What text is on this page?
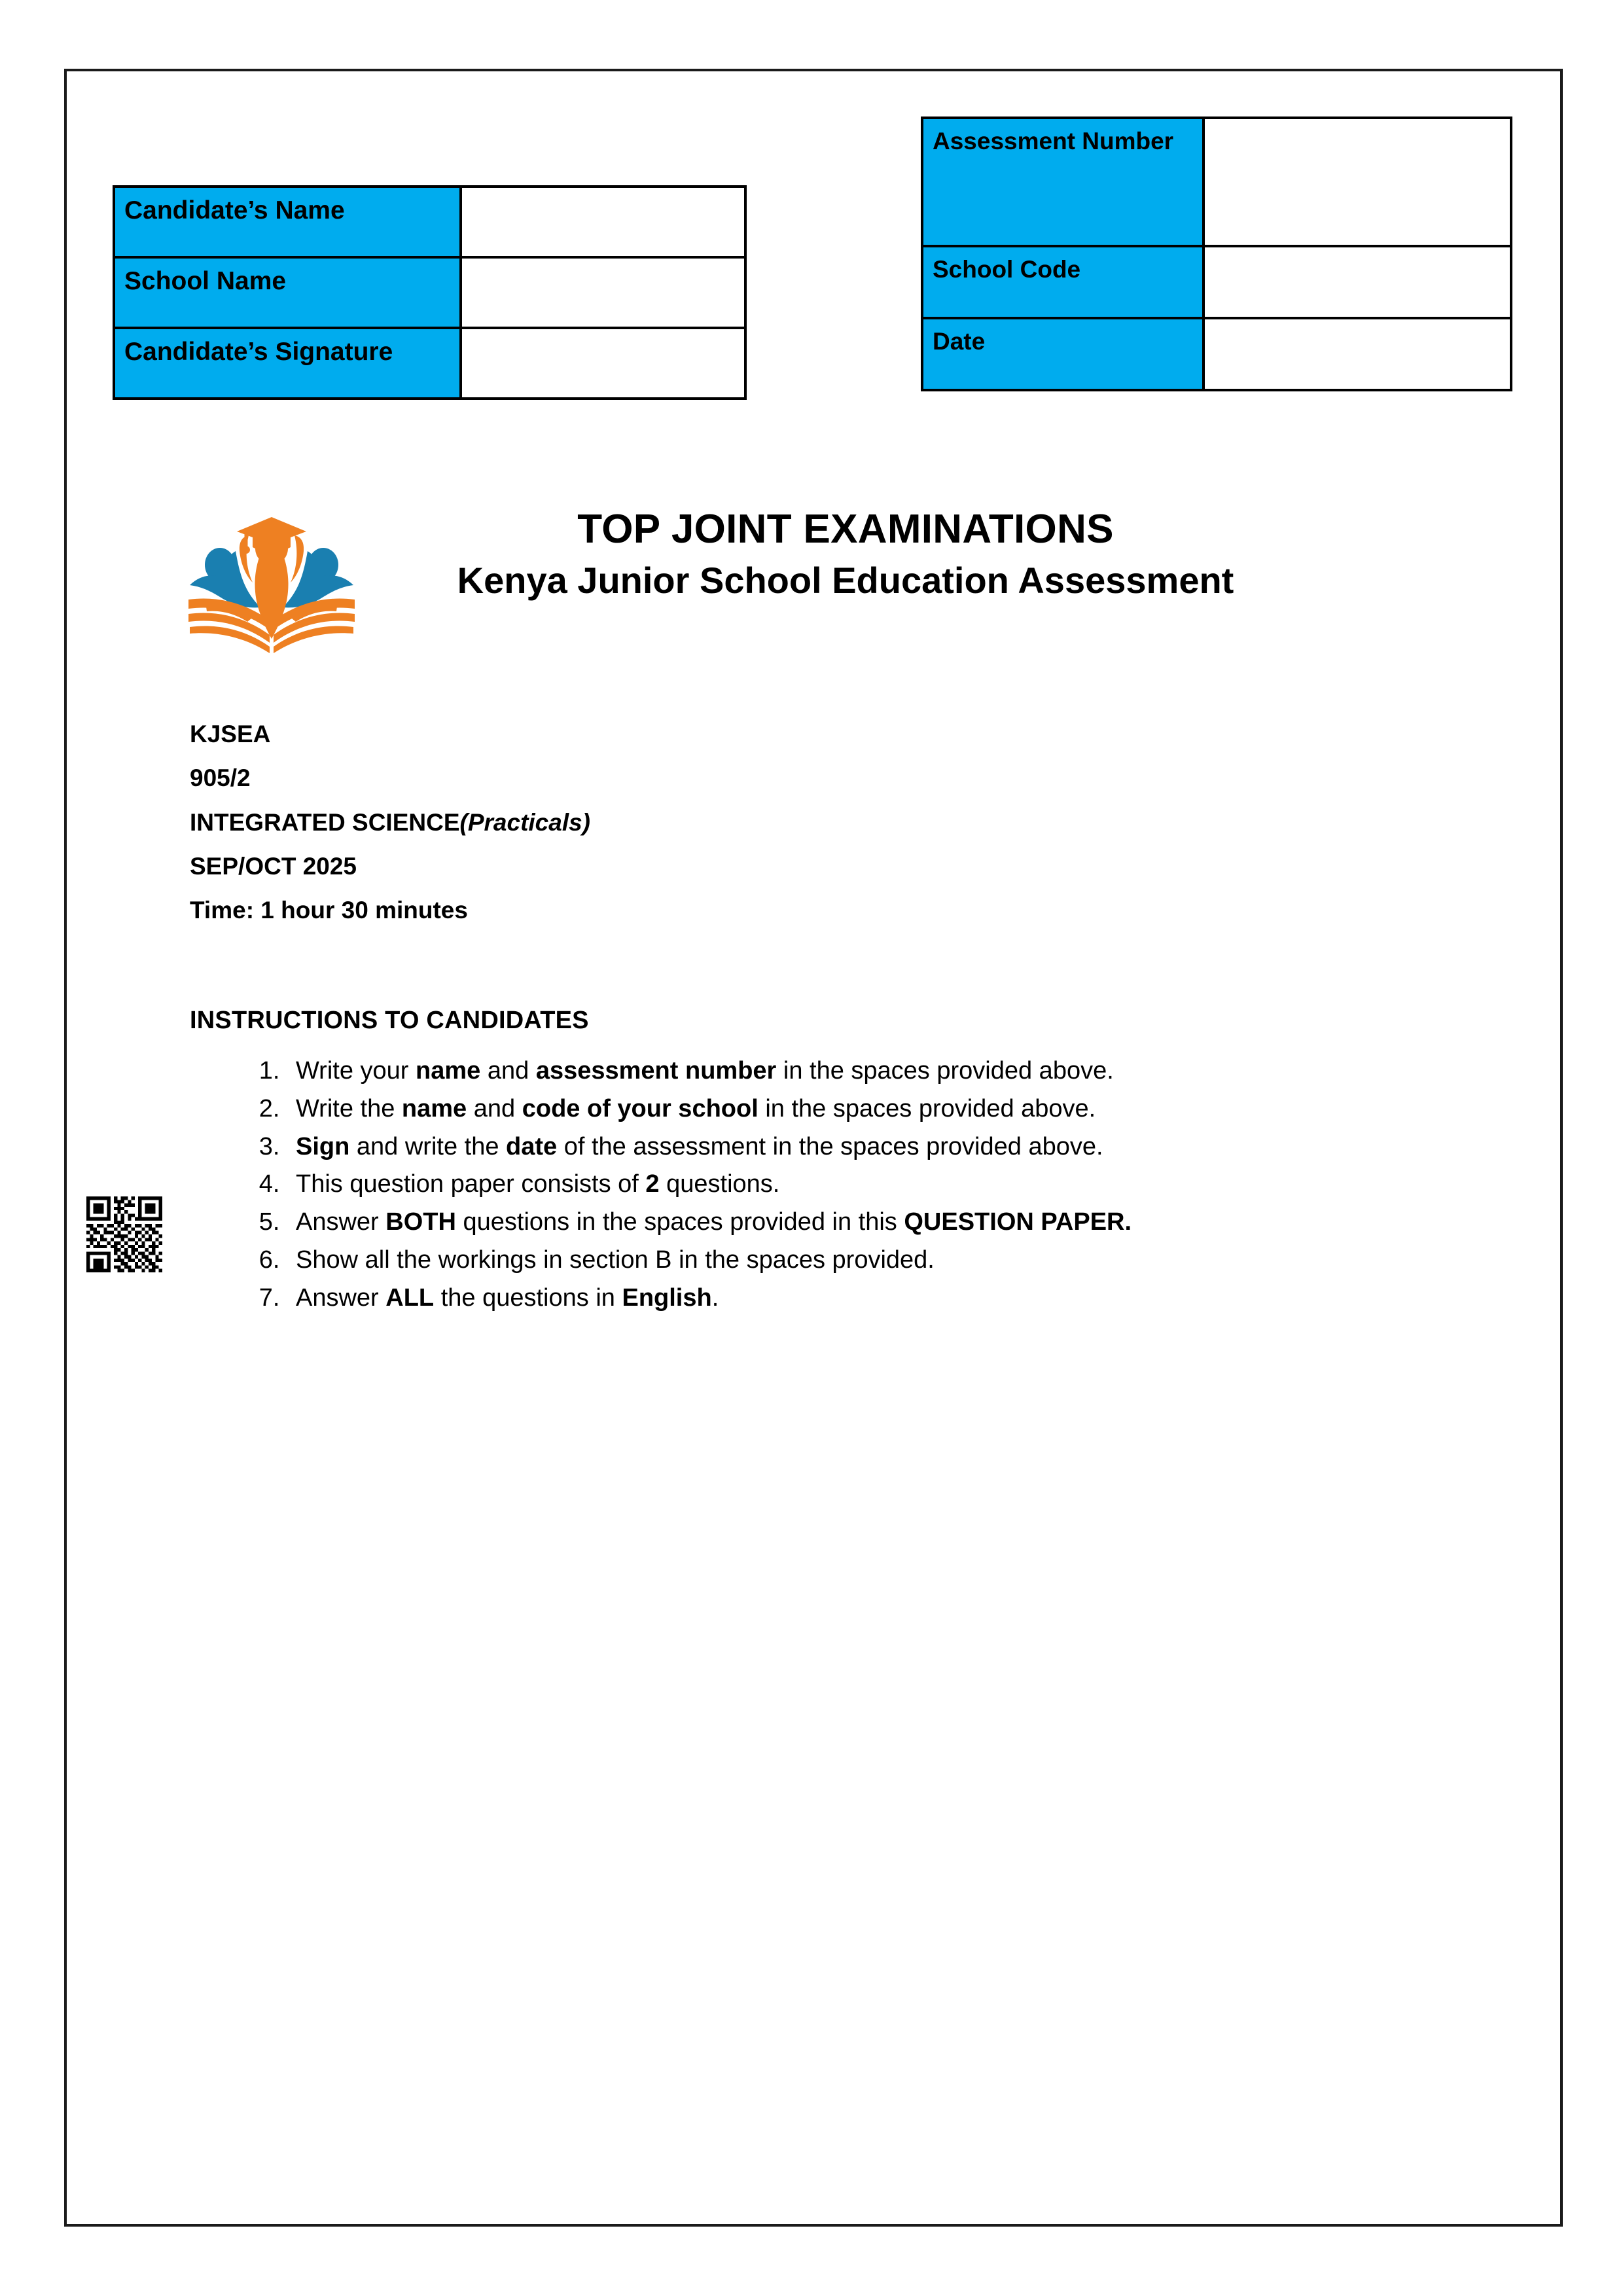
Candidate’s Name	
School Name	
Candidate’s Signature	
Assessment Number	
School Code	
Date	
TOP JOINT EXAMINATIONS
Kenya Junior School Education Assessment
KJSEA
905/2
INTEGRATED SCIENCE(Practicals)
SEP/OCT 2025
Time: 1 hour 30 minutes
INSTRUCTIONS TO CANDIDATES
1. Write your name and assessment number in the spaces provided above.
2. Write the name and code of your school in the spaces provided above.
3. Sign and write the date of the assessment in the spaces provided above.
4. This question paper consists of 2 questions.
5. Answer BOTH questions in the spaces provided in this QUESTION PAPER.
6. Show all the workings in section B in the spaces provided.
7. Answer ALL the questions in English.
